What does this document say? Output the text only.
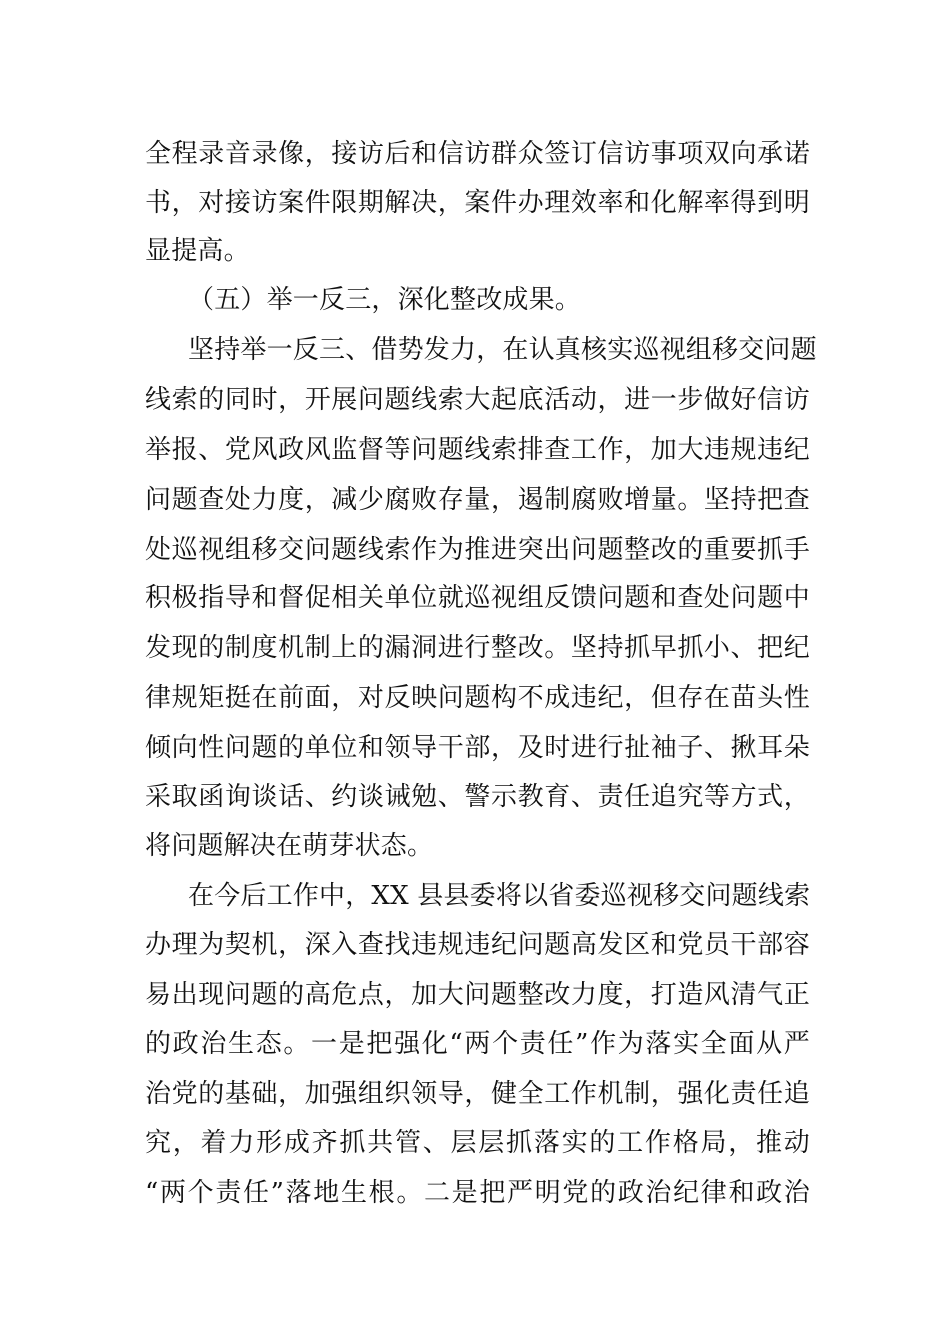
全程录音录像，接访后和信访群众签订信访事项双向承诺
书，对接访案件限期解决，案件办理效率和化解率得到明
显提高。
（五）举一反三，深化整改成果。
坚持举一反三、借势发力，在认真核实巡视组移交问题
线索的同时，开展问题线索大起底活动，进一步做好信访
举报、党风政风监督等问题线索排查工作，加大违规违纪
问题查处力度，减少腐败存量，遏制腐败增量。坚持把查
处巡视组移交问题线索作为推进突出问题整改的重要抓手
积极指导和督促相关单位就巡视组反馈问题和查处问题中
发现的制度机制上的漏洞进行整改。坚持抓早抓小、把纪
律规矩挺在前面，对反映问题构不成违纪，但存在苗头性
倾向性问题的单位和领导干部，及时进行扯袖子、揪耳朵
采取函询谈话、约谈诫勉、警示教育、责任追究等方式，
将问题解决在萌芽状态。
在今后工作中，XX 县县委将以省委巡视移交问题线索
办理为契机，深入查找违规违纪问题高发区和党员干部容
易出现问题的高危点，加大问题整改力度，打造风清气正
的政治生态。一是把强化“两个责任”作为落实全面从严
治党的基础，加强组织领导，健全工作机制，强化责任追
究，着力形成齐抓共管、层层抓落实的工作格局，推动
“两个责任”落地生根。二是把严明党的政治纪律和政治
